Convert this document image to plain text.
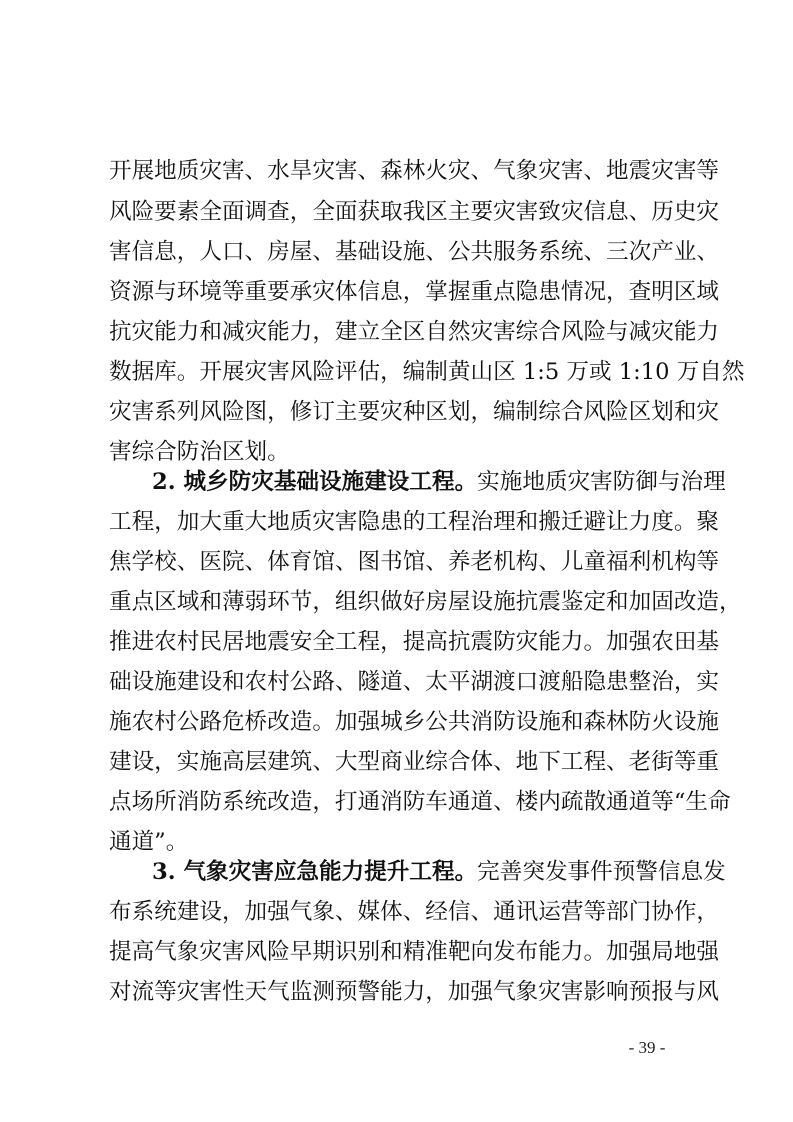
开展地质灾害、水旱灾害、森林火灾、气象灾害、地震灾害等
风险要素全面调查，全面获取我区主要灾害致灾信息、历史灾
害信息，人口、房屋、基础设施、公共服务系统、三次产业、
资源与环境等重要承灾体信息，掌握重点隐患情况，查明区域
抗灾能力和减灾能力，建立全区自然灾害综合风险与减灾能力
数据库。开展灾害风险评估，编制黄山区 1:5 万或 1:10 万自然
灾害系列风险图，修订主要灾种区划，编制综合风险区划和灾
害综合防治区划。
2. 城乡防灾基础设施建设工程。实施地质灾害防御与治理
工程，加大重大地质灾害隐患的工程治理和搬迁避让力度。聚
焦学校、医院、体育馆、图书馆、养老机构、儿童福利机构等
重点区域和薄弱环节，组织做好房屋设施抗震鉴定和加固改造，
推进农村民居地震安全工程，提高抗震防灾能力。加强农田基
础设施建设和农村公路、隧道、太平湖渡口渡船隐患整治，实
施农村公路危桥改造。加强城乡公共消防设施和森林防火设施
建设，实施高层建筑、大型商业综合体、地下工程、老街等重
点场所消防系统改造，打通消防车通道、楼内疏散通道等“生命
通道”。
3. 气象灾害应急能力提升工程。完善突发事件预警信息发
布系统建设，加强气象、媒体、经信、通讯运营等部门协作，
提高气象灾害风险早期识别和精准靶向发布能力。加强局地强
对流等灾害性天气监测预警能力，加强气象灾害影响预报与风
- 39 -
